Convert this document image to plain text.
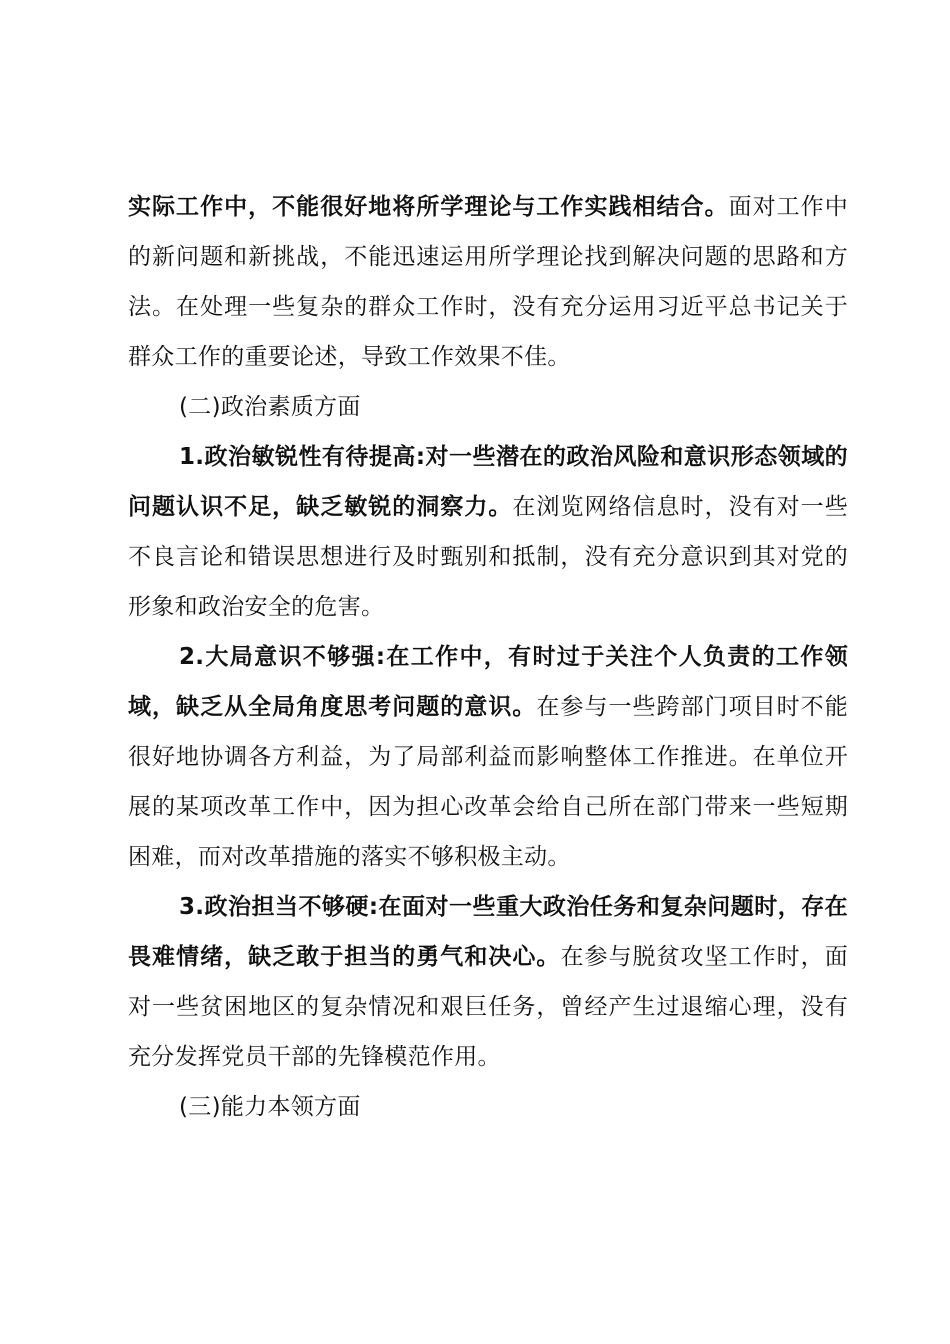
实际工作中，不能很好地将所学理论与工作实践相结合。面对工作中的新问题和新挑战，不能迅速运用所学理论找到解决问题的思路和方法。在处理一些复杂的群众工作时，没有充分运用习近平总书记关于群众工作的重要论述，导致工作效果不佳。

(二)政治素质方面

1.政治敏锐性有待提高:对一些潜在的政治风险和意识形态领域的问题认识不足，缺乏敏锐的洞察力。在浏览网络信息时，没有对一些不良言论和错误思想进行及时甄别和抵制，没有充分意识到其对党的形象和政治安全的危害。

2.大局意识不够强:在工作中，有时过于关注个人负责的工作领域，缺乏从全局角度思考问题的意识。在参与一些跨部门项目时不能很好地协调各方利益，为了局部利益而影响整体工作推进。在单位开展的某项改革工作中，因为担心改革会给自己所在部门带来一些短期困难，而对改革措施的落实不够积极主动。

3.政治担当不够硬:在面对一些重大政治任务和复杂问题时，存在畏难情绪，缺乏敢于担当的勇气和决心。在参与脱贫攻坚工作时，面对一些贫困地区的复杂情况和艰巨任务，曾经产生过退缩心理，没有充分发挥党员干部的先锋模范作用。

(三)能力本领方面
